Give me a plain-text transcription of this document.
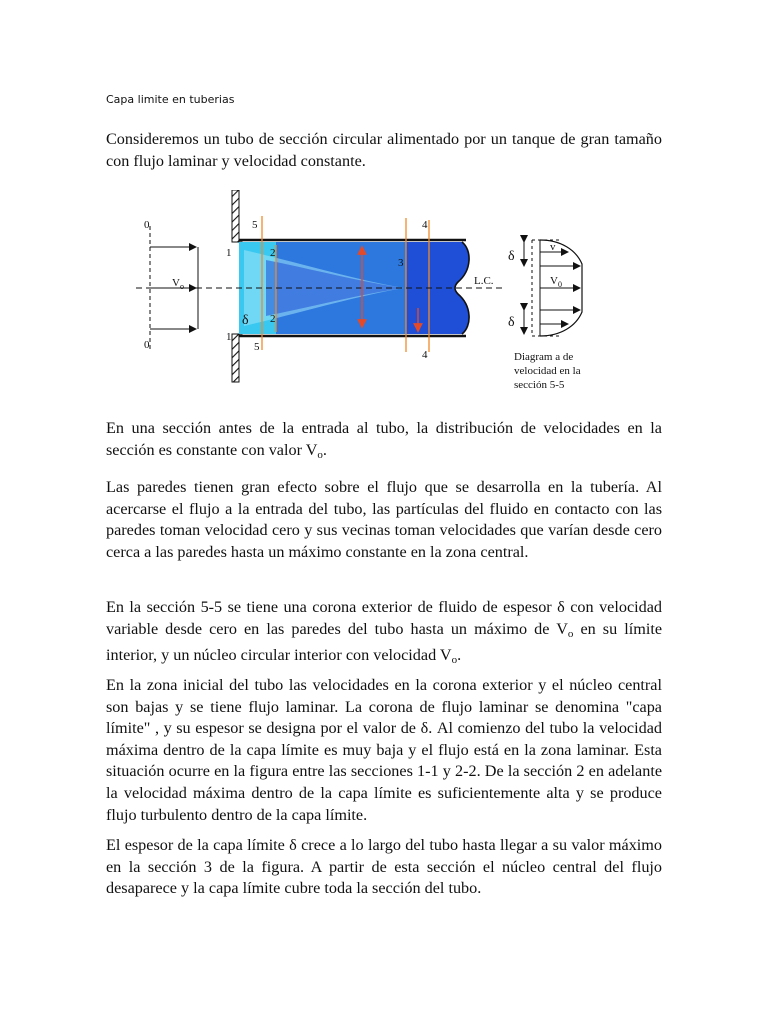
Capa limite en tuberias

Consideremos un tubo de sección circular alimentado por un tanque de gran tamaño con flujo laminar y velocidad constante.

0
0
$V_o$
1
1
5
5
2
2
3
4
4
δ
L.C.
δ
δ
v
$V_0$
Diagram a de
velocidad en la
sección 5-5

En una sección antes de la entrada al tubo, la distribución de velocidades en la sección es constante con valor $V_o$.

Las paredes tienen gran efecto sobre el flujo que se desarrolla en la tubería. Al acercarse el flujo a la entrada del tubo, las partículas del fluido en contacto con las paredes toman velocidad cero y sus vecinas toman velocidades que varían desde cero cerca a las paredes hasta un máximo constante en la zona central.

En la sección 5-5 se tiene una corona exterior de fluido de espesor δ con velocidad variable desde cero en las paredes del tubo hasta un máximo de $V_o$ en su límite interior, y un núcleo circular interior con velocidad $V_o$.

En la zona inicial del tubo las velocidades en la corona exterior y el núcleo central son bajas y se tiene flujo laminar. La corona de flujo laminar se denomina "capa límite" , y su espesor se designa por el valor de δ. Al comienzo del tubo la velocidad máxima dentro de la capa límite es muy baja y el flujo está en la zona laminar. Esta situación ocurre en la figura entre las secciones 1-1 y 2-2. De la sección 2 en adelante la velocidad máxima dentro de la capa límite es suficientemente alta y se produce flujo turbulento dentro de la capa límite.

El espesor de la capa límite δ crece a lo largo del tubo hasta llegar a su valor máximo en la sección 3 de la figura. A partir de esta sección el núcleo central del flujo desaparece y la capa límite cubre toda la sección del tubo.
